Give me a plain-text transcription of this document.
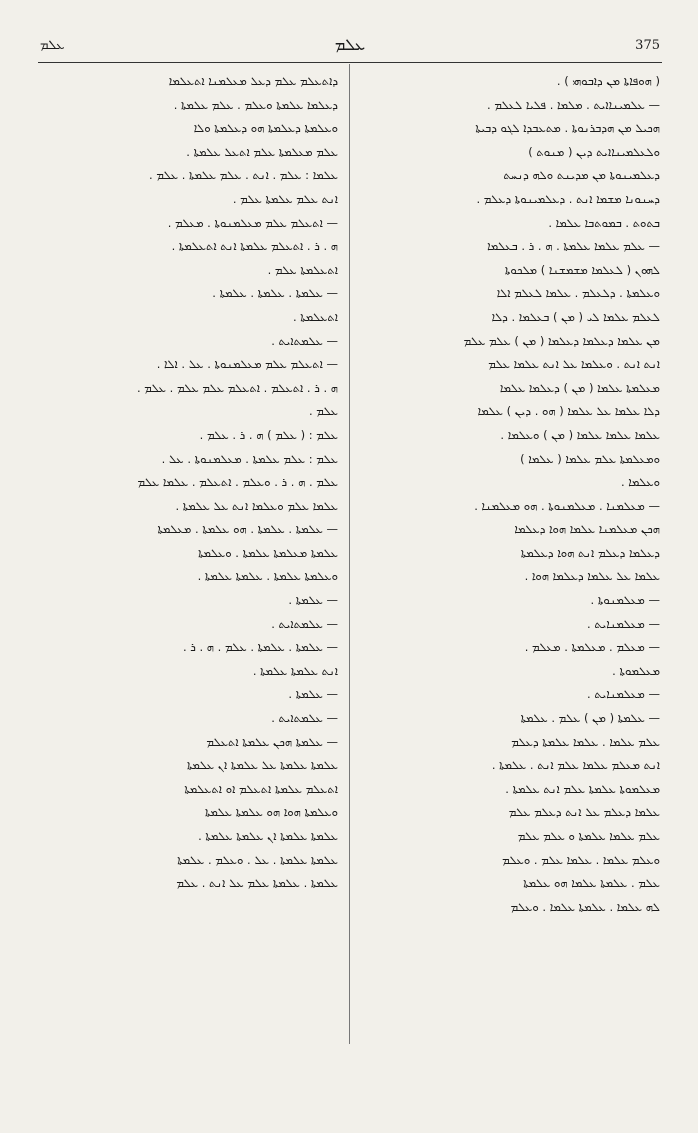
ܥܠܡ	ܥܠܡ	375
ܕܐܬܥܠܡ ܥܠܡ ܕܥܠ ܡܥܠܡܢܐ ܐܬܥܠܡܐ
ܕܥܠܡܐ ܥܠܡܬܐ ܘܥܠܡ . ܥܠܡ ܥܠܡܬܐ .
ܘܥܠܡܬܐ ܕܥܠܡܬܐ ܗܘ ܕܥܠܡܬܐ ܘܠܐ
ܥܠܡ ܡܥܠܡܬܐ ܥܠܡ ܐܬܥܠ ܥܠܡܬܐ .
ܥܠܡܐ : ܥܠܡ . ܐܢܬ . ܥܠܡ ܥܠܡܬܐ . ܥܠܡ .
ܐܢܬ ܥܠܡ ܥܠܡܬܐ ܥܠܡ .
— ܐܬܥܠܡ ܥܠܡ ܡܥܠܡܢܘܬܐ . ܡܥܠܡ .
ܗ . ܪ . ܐܬܥܠܡ ܥܠܡܬܐ ܐܢܬ ܐܬܥܠܡܬܐ .
ܐܬܥܠܡܬܐ ܥܠܡ .
— ܥܠܡܬܐ . ܥܠܡܬܐ . ܥܠܡܬܐ .
ܐܬܥܠܡܬܐ .
— ܥܠܡܬܐܝܬ .
— ܐܬܥܠܡ ܥܠܡ ܡܥܠܡܢܘܬܐ . ܥܠ . ܐܠܐ .
ܗ . ܪ . ܐܬܥܠܡ . ܐܬܥܠܡ ܥܠܡ ܥܠܡ . ܥܠܡ .
ܥܠܡ .
ܥܠܡ : ( ܥܠܡ ) ܗ . ܪ . ܥܠܡ .
ܥܠܡ : ܥܠܡ ܥܠܡܬܐ . ܡܥܠܡܢܘܬܐ . ܥܠ .
ܥܠܡ . ܗ . ܪ . ܘܥܠܡ . ܐܬܥܠܡ . ܥܠܡܐ ܥܠܡ
ܥܠܡܐ ܥܠܡ ܘܥܠܡܐ ܐܢܬ ܥܠ ܥܠܡܬܐ .
— ܥܠܡܬܐ . ܥܠܡܬܐ . ܗܘ ܥܠܡܬܐ . ܡܥܠܡܬܐ
ܥܠܡܬܐ ܡܥܠܡܬܐ ܥܠܡܬܐ . ܘܥܠܡܬܐ
ܘܥܠܡܬܐ ܥܠܡܬܐ . ܥܠܡܬܐ ܥܠܡܬܐ .
— ܥܠܡܬܐ .
— ܥܠܡܬܐܝܬ .
— ܥܠܡܬܐ . ܥܠܡܬܐ . ܥܠܡ . ܗ . ܪ .
ܐܢܬ ܥܠܡܬܐ ܥܠܡܬܐ .
— ܥܠܡܬܐ .
— ܥܠܡܬܐܝܬ .
— ܥܠܡܬܐ ܗܟܢ ܥܠܡܬܐ ܐܬܥܠܡ
ܥܠܡܬܐ ܥܠܡܬܐ ܥܠ ܥܠܡܬܐ ܐܢ ܥܠܡܬܐ
ܐܬܥܠܡ ܥܠܡܬܐ ܐܬܥܠܡ ܐܘ ܐܬܥܠܡܬܐ
ܘܥܠܡܬܐ ܗܘܐ ܗܘ ܥܠܡܬܐ ܥܠܡܬܐ
ܥܠܡܬܐ ܥܠܡܬܐ ܐܢ ܥܠܡܬܐ ܥܠܡܬܐ .
ܥܠܡܬܐ ܥܠܡܬܐ . ܥܠ . ܘܥܠܡ . ܥܠܡܬܐ
ܥܠܡܬܐ . ܥܠܡܬܐ ܥܠܡ ܥܠ ܐܢܬ . ܥܠܡ
( ܗܘܦܐܬܐ ܡܢ ܕܐܒܘܗܝ ) .
— ܥܠܡܝܢܐܐܝܬ . ܡܠܡܐ . ܦܠܝܐ ܠܥܠܡ .
ܗܟܝܠ ܡܢ ܗܕܒܪܢܘܬܐ . ܡܬܥܒܕܐ ܠܓܘ ܕܒܝܬܐ
ܘܠܥܠܡܝܢܐܐܝܬ ܕܝܢ ( ܡܢܘܬ )
ܕܥܠܡܝܢܘܬܐ ܡܢ ܡܕܝܢܬ ܘܠܗ ܕܢܚܬ
ܕܚܢܘܢܐ ܡܫܡܐ ܐܢܬ . ܕܥܠܡܝܢܘܬܐ ܕܥܠܡ .
ܒܬܘܬ . ܒܡܘܬܒܐ ܥܠܡܐ .
— ܥܠܡ ܥܠܡܐ ܥܠܡܬܐ . ܗ . ܪ . ܒܥܠܡܐ
ܠܗܘܢ ( ܠܥܠܡܐ ܡܫܡܫܢܐ ) ܡܠܟܘܬܐ
ܘܥܠܡܬܐ . ܕܠܥܠܡ . ܥܠܡܐ ܠܥܠܡ ܐܠܐ
ܠܥܠܡ ܥܠܡܐ ܠܝ ( ܡܢ ) ܒܥܠܡܐ . ܕܠܐ
ܡܢ ܥܠܡܐ ܕܥܠܡܐ ܕܥܠܡܐ ( ܡܢ ) ܥܠܡ ܥܠܡ
ܐܢܬ ܐܢܬ . ܘܥܠܡܐ ܥܠ ܐܢܬ ܥܠܡܐ ܥܠܡ
ܡܥܠܡܬܐ ܥܠܡܐ ( ܡܢ ) ܕܥܠܡܐ ܥܠܡܐ
ܕܠܐ ܥܠܡܐ ܥܠ ܥܠܡܐ ( ܗܘ . ܕܝܢ ) ܥܠܡܐ
ܥܠܡܐ ܥܠܡܐ ܥܠܡܐ ( ܡܢ ) ܘܥܠܡܐ .
ܘܡܥܠܡܬܐ ܥܠܡ ܥܠܡܐ ( ܥܠܡܐ )
ܘܥܠܡܐ .
— ܡܥܠܡܢܐ . ܡܥܠܡܢܘܬܐ . ܗܘ ܡܥܠܡܢܐ .
ܗܟܢ ܡܥܠܡܢܐ ܥܠܡܐ ܗܘܐ ܕܥܠܡܐ
ܕܥܠܡܐ ܕܥܠܡ ܐܢܬ ܗܘܐ ܕܥܠܡܬܐ
ܥܠܡܐ ܥܠ ܥܠܡܐ ܕܥܠܡܐ ܗܘܐ .
— ܡܥܠܡܢܘܬܐ .
— ܡܥܠܡܢܐܝܬ .
— ܡܥܠܡ . ܡܥܠܡܬܐ . ܡܥܠܡ .
ܡܥܠܡܘܬܐ .
— ܡܥܠܡܢܐܝܬ .
— ܥܠܡܬܐ ( ܡܢ ) ܥܠܡ . ܥܠܡܬܐ
ܥܠܡ ܥܠܡܐ . ܥܠܡܐ ܥܠܡܬܐ ܕܥܠܡ
ܐܢܬ ܡܥܠܡ ܥܠܡܐ ܥܠܡ ܐܢܬ . ܥܠܡܬܐ .
ܡܥܠܡܘܬܐ ܥܠܡܬܐ ܥܠܡ ܐܢܬ ܥܠܡܬܐ .
ܥܠܡܐ ܕܥܠܡ ܥܠ ܐܢܬ ܕܥܠܡ ܥܠܡ
ܥܠܡ ܥܠܡܐ ܥܠܡܬܐ ܘ ܥܠܡ ܥܠܡ
ܘܥܠܡ ܥܠܡܐ . ܥܠܡܐ ܥܠܡ . ܘܥܠܡ
ܥܠܡ . ܥܠܡܬܐ ܥܠܡܐ ܗܘ ܥܠܡܬܐ
ܠܗ ܥܠܡܐ . ܥܠܡܬܐ ܥܠܡܐ . ܘܥܠܡ
